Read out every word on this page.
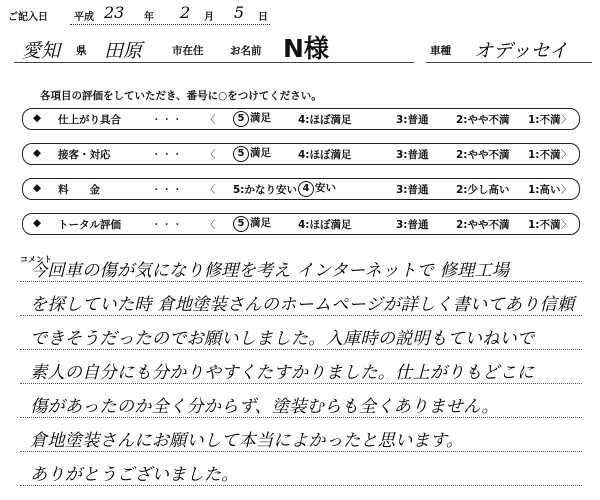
ご記入日	平成 23 年 2 月 5 日
愛知 県 田原	市在住	お名前 N様	車種 オデッセイ
各項目の評価をしていただき、番号に○をつけてください。
◆ 仕上がり具合	・・・ 〈	5 満足	4:ほぼ満足	3:普通	2:やや不満 1:不満 〉
◆ 接客・対応	・・・ 〈	5 満足	4:ほぼ満足	3:普通	2:やや不満 1:不満 〉
◆ 料　　金	・・・ 〈 5:かなり安い 4 安い	3:普通	2:少し高い 1:高い 〉
◆ トータル評価	・・・ 〈	5 満足	4:ほぼ満足	3:普通	2:やや不満 1:不満 〉
コメント
今回車の傷が気になり修理を考え インターネットで 修理工場
を探していた時 倉地塗装さんのホームページが詳しく書いてあり信頼
できそうだったのでお願いしました。入庫時の説明もていねいで
素人の自分にも分かりやすくたすかりました。仕上がりもどこに
傷があったのか全く分からず、塗装むらも全くありません。
倉地塗装さんにお願いして本当によかったと思います。
ありがとうございました。
